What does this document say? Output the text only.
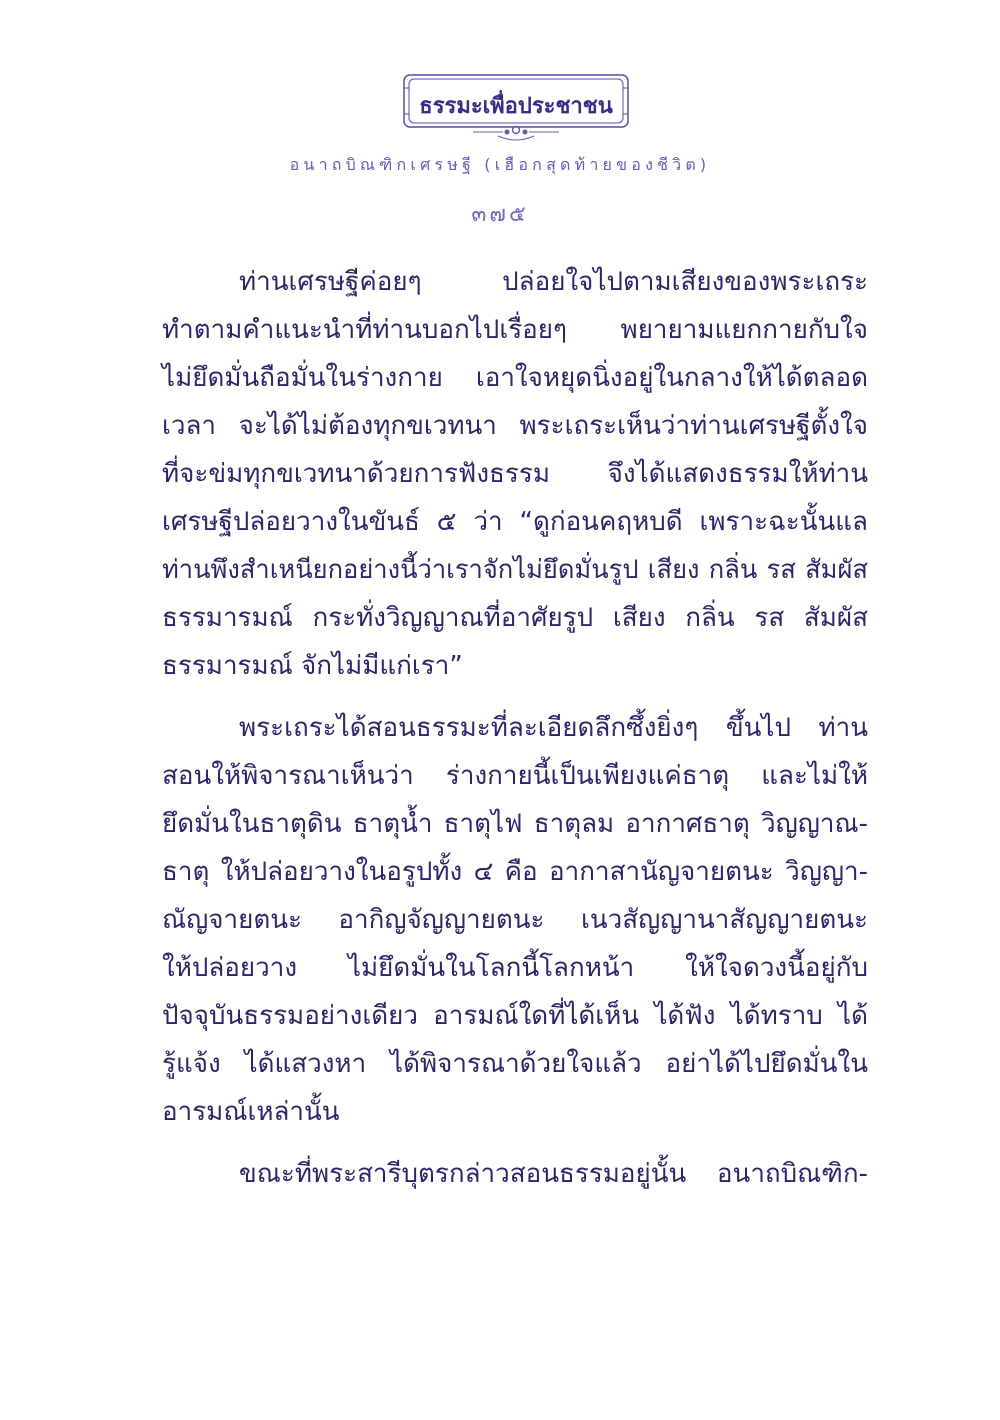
ธรรมะเพื่อประชาชน
อนาถบิณฑิกเศรษฐี (เฮือกสุดท้ายของชีวิต)
๓๗๕
ท่านเศรษฐีค่อยๆ ปล่อยใจไปตามเสียงของพระเถระ
ทำตามคำแนะนำที่ท่านบอกไปเรื่อยๆ พยายามแยกกายกับใจ
ไม่ยึดมั่นถือมั่นในร่างกาย เอาใจหยุดนิ่งอยู่ในกลางให้ได้ตลอด
เวลา จะได้ไม่ต้องทุกขเวทนา พระเถระเห็นว่าท่านเศรษฐีตั้งใจ
ที่จะข่มทุกขเวทนาด้วยการฟังธรรม จึงได้แสดงธรรมให้ท่าน
เศรษฐีปล่อยวางในขันธ์ ๕ ว่า “ดูก่อนคฤหบดี เพราะฉะนั้นแล
ท่านพึงสำเหนียกอย่างนี้ว่าเราจักไม่ยึดมั่นรูป เสียง กลิ่น รส สัมผัส
ธรรมารมณ์ กระทั่งวิญญาณที่อาศัยรูป เสียง กลิ่น รส สัมผัส
ธรรมารมณ์ จักไม่มีแก่เรา”
พระเถระได้สอนธรรมะที่ละเอียดลึกซึ้งยิ่งๆ ขึ้นไป ท่าน
สอนให้พิจารณาเห็นว่า ร่างกายนี้เป็นเพียงแค่ธาตุ และไม่ให้
ยึดมั่นในธาตุดิน ธาตุน้ำ ธาตุไฟ ธาตุลม อากาศธาตุ วิญญาณ-
ธาตุ ให้ปล่อยวางในอรูปทั้ง ๔ คือ อากาสานัญจายตนะ วิญญา-
ณัญจายตนะ อากิญจัญญายตนะ เนวสัญญานาสัญญายตนะ
ให้ปล่อยวาง ไม่ยึดมั่นในโลกนี้โลกหน้า ให้ใจดวงนี้อยู่กับ
ปัจจุบันธรรมอย่างเดียว อารมณ์ใดที่ได้เห็น ได้ฟัง ได้ทราบ ได้
รู้แจ้ง ได้แสวงหา ได้พิจารณาด้วยใจแล้ว อย่าได้ไปยึดมั่นใน
อารมณ์เหล่านั้น
ขณะที่พระสารีบุตรกล่าวสอนธรรมอยู่นั้น อนาถบิณฑิก-
